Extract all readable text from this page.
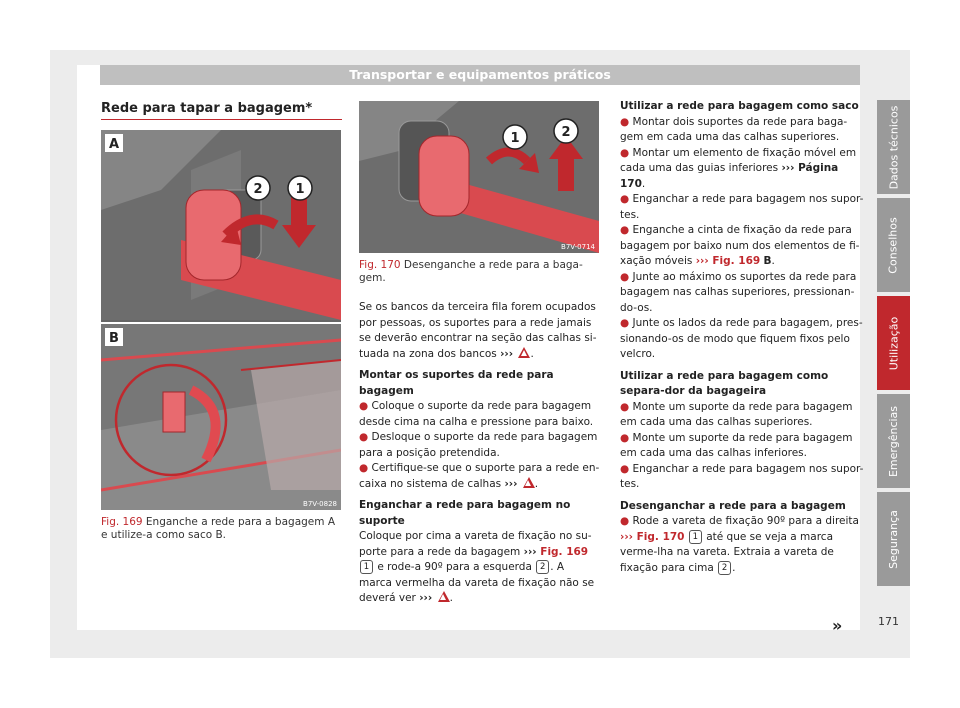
Transportar e equipamentos práticos
Rede para tapar a bagagem*
2	1
A
B
B7V-0828
Fig. 169 Enganche a rede para a bagagem A e utilize-a como saco B.
1	2
B7V-0714
Fig. 170 Desenganche a rede para a baga-gem.

Se os bancos da terceira fila forem ocupados por pessoas, os suportes para a rede jamais se deverão encontrar na seção das calhas si-tuada na zona dos bancos ››› .

Montar os suportes da rede para bagagem

● Coloque o suporte da rede para bagagem desde cima na calha e pressione para baixo.

● Desloque o suporte da rede para bagagem para a posição pretendida.

● Certifique-se que o suporte para a rede en-caixa no sistema de calhas ››› .

Enganchar a rede para bagagem no suporte

Coloque por cima a vareta de fixação no su-porte para a rede da bagagem ››› Fig. 169 1 e rode-a 90º para a esquerda 2 . A marca vermelha da vareta de fixação não se deverá ver ››› .

Utilizar a rede para bagagem como saco

● Montar dois suportes da rede para baga-gem em cada uma das calhas superiores.

● Montar um elemento de fixação móvel em cada uma das guias inferiores ››› Página 170.

● Enganchar a rede para bagagem nos supor-tes.

● Enganche a cinta de fixação da rede para bagagem por baixo num dos elementos de fi-xação móveis ››› Fig. 169 B.

● Junte ao máximo os suportes da rede para bagagem nas calhas superiores, pressionan-do-os.

● Junte os lados da rede para bagagem, pres-sionando-os de modo que fiquem fixos pelo velcro.

Utilizar a rede para bagagem como separa-dor da bagageira

● Monte um suporte da rede para bagagem em cada uma das calhas superiores.

● Monte um suporte da rede para bagagem em cada uma das calhas inferiores.

● Enganchar a rede para bagagem nos supor-tes.

Desenganchar a rede para a bagagem

● Rode a vareta de fixação 90º para a direita ››› Fig. 170 1 até que se veja a marca verme-lha na vareta. Extraia a vareta de fixação para cima 2 .

»	171
Dados técnicos
Conselhos
Utilização
Emergências
Segurança
